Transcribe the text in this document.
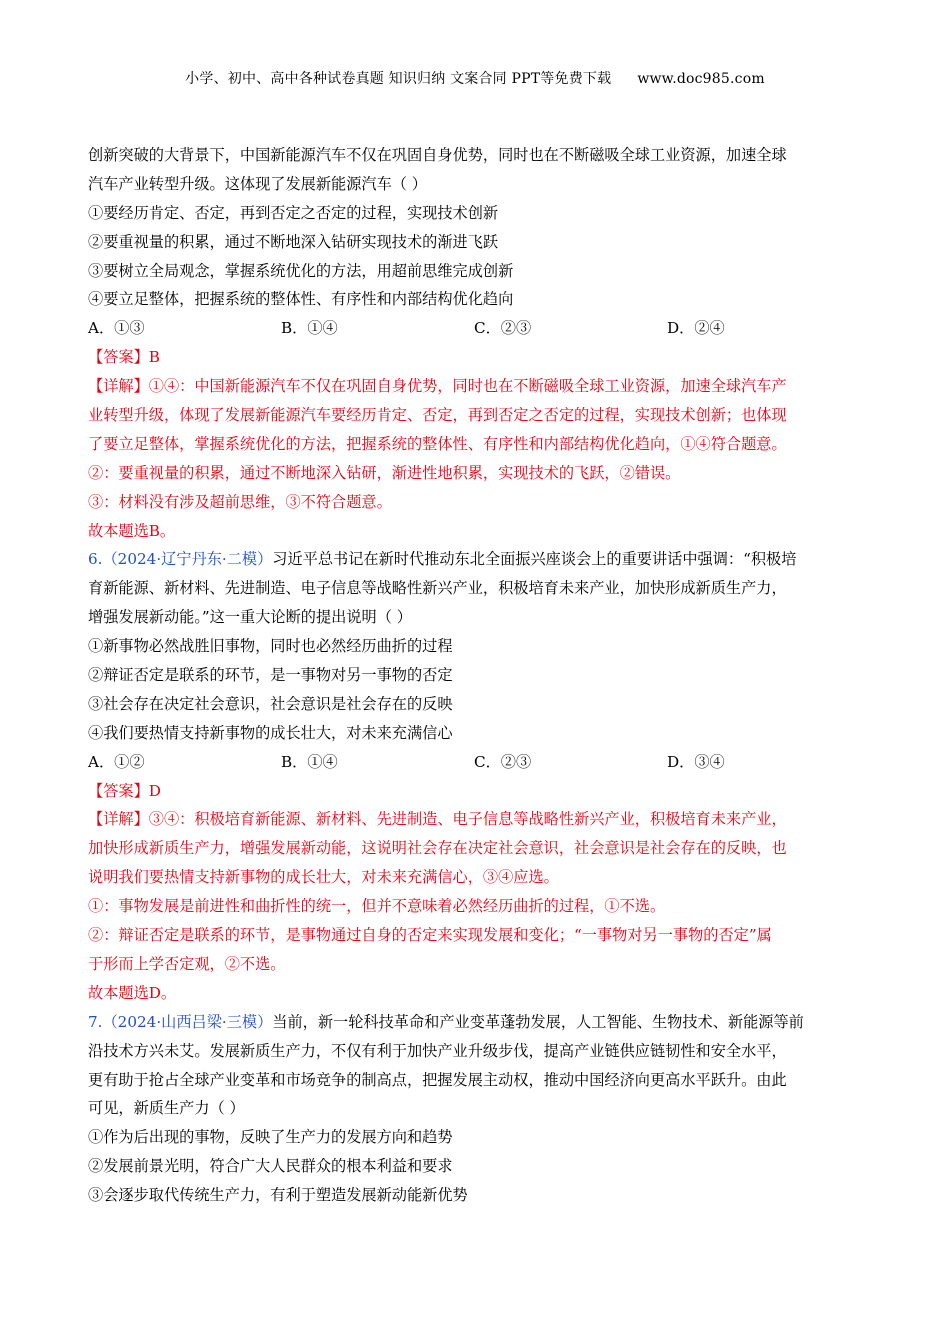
小学、初中、高中各种试卷真题 知识归纳 文案合同 PPT等免费下载 www.doc985.com
创新突破的大背景下，中国新能源汽车不仅在巩固自身优势，同时也在不断磁吸全球工业资源，加速全球
汽车产业转型升级。这体现了发展新能源汽车（ ）
①要经历肯定、否定，再到否定之否定的过程，实现技术创新
②要重视量的积累，通过不断地深入钻研实现技术的渐进飞跃
③要树立全局观念，掌握系统优化的方法，用超前思维完成创新
④要立足整体，把握系统的整体性、有序性和内部结构优化趋向
A．①③	B．①④	C．②③	D．②④
【答案】B
【详解】①④：中国新能源汽车不仅在巩固自身优势，同时也在不断磁吸全球工业资源，加速全球汽车产
业转型升级，体现了发展新能源汽车要经历肯定、否定，再到否定之否定的过程，实现技术创新；也体现
了要立足整体，掌握系统优化的方法，把握系统的整体性、有序性和内部结构优化趋向，①④符合题意。
②：要重视量的积累，通过不断地深入钻研，渐进性地积累，实现技术的飞跃，②错误。
③：材料没有涉及超前思维，③不符合题意。
故本题选B。
6.（2024·辽宁丹东·二模）习近平总书记在新时代推动东北全面振兴座谈会上的重要讲话中强调：“积极培
育新能源、新材料、先进制造、电子信息等战略性新兴产业，积极培育未来产业，加快形成新质生产力，
增强发展新动能。”这一重大论断的提出说明（ ）
①新事物必然战胜旧事物，同时也必然经历曲折的过程
②辩证否定是联系的环节，是一事物对另一事物的否定
③社会存在决定社会意识，社会意识是社会存在的反映
④我们要热情支持新事物的成长壮大，对未来充满信心
A．①②	B．①④	C．②③	D．③④
【答案】D
【详解】③④：积极培育新能源、新材料、先进制造、电子信息等战略性新兴产业，积极培育未来产业，
加快形成新质生产力，增强发展新动能，这说明社会存在决定社会意识，社会意识是社会存在的反映，也
说明我们要热情支持新事物的成长壮大，对未来充满信心，③④应选。
①：事物发展是前进性和曲折性的统一，但并不意味着必然经历曲折的过程，①不选。
②：辩证否定是联系的环节，是事物通过自身的否定来实现发展和变化；“一事物对另一事物的否定”属
于形而上学否定观，②不选。
故本题选D。
7.（2024·山西吕梁·三模）当前，新一轮科技革命和产业变革蓬勃发展，人工智能、生物技术、新能源等前
沿技术方兴未艾。发展新质生产力，不仅有利于加快产业升级步伐，提高产业链供应链韧性和安全水平，
更有助于抢占全球产业变革和市场竞争的制高点，把握发展主动权，推动中国经济向更高水平跃升。由此
可见，新质生产力（ ）
①作为后出现的事物，反映了生产力的发展方向和趋势
②发展前景光明，符合广大人民群众的根本利益和要求
③会逐步取代传统生产力，有利于塑造发展新动能新优势
